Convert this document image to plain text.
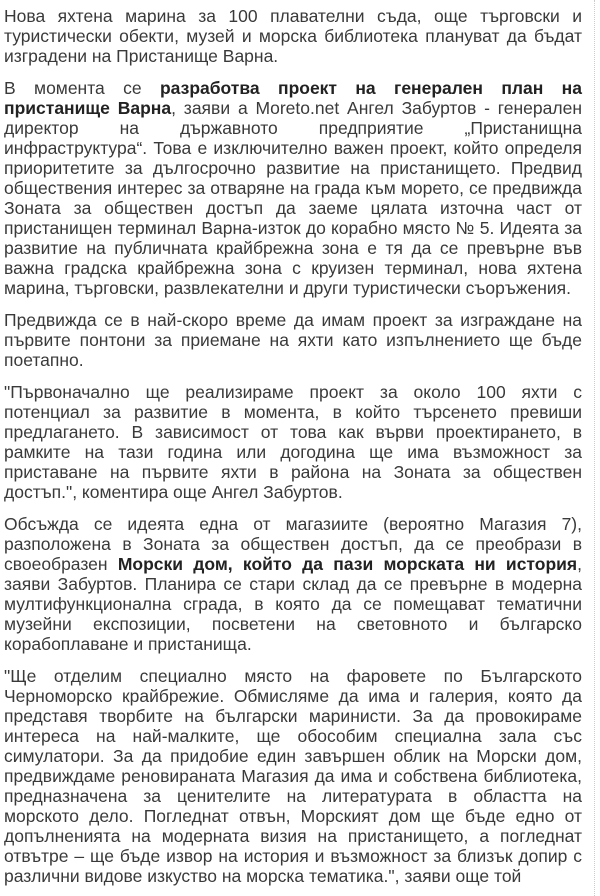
Нова яхтена марина за 100 плавателни съда, още търговски и туристически обекти, музей и морска библиотека плануват да бъдат изградени на Пристанище Варна.

В момента се разработва проект на генерален план на пристанище Варна, заяви а Moreto.net Ангел Забуртов - генерален директор на държавното предприятие „Пристанищна инфраструктура“. Това е изключително важен проект, който определя приоритетите за дългосрочно развитие на пристанището. Предвид обществения интерес за отваряне на града към морето, се предвижда Зоната за обществен достъп да заеме цялата източна част от пристанищен терминал Варна-изток до корабно място № 5. Идеята за развитие на публичната крайбрежна зона е тя да се превърне във важна градска крайбрежна зона с круизен терминал, нова яхтена марина, търговски, развлекателни и други туристически съоръжения.

Предвижда се в най-скоро време да имам проект за изграждане на първите понтони за приемане на яхти като изпълнението ще бъде поетапно.

"Първоначално ще реализираме проект за около 100 яхти с потенциал за развитие в момента, в който търсенето превиши предлагането. В зависимост от това как върви проектирането, в рамките на тази година или догодина ще има възможност за приставане на първите яхти в района на Зоната за обществен достъп.", коментира още Ангел Забуртов.

Обсъжда се идеята една от магазиите (вероятно Магазия 7), разположена в Зоната за обществен достъп, да се преобрази в своеобразен Морски дом, който да пази морската ни история, заяви Забуртов. Планира се стари склад да се превърне в модерна мултифункционална сграда, в която да се помещават тематични музейни експозиции, посветени на световното и българско корабоплаване и пристанища.

"Ще отделим специално място на фаровете по Българското Черноморско крайбрежие. Обмисляме да има и галерия, която да представя творбите на български маринисти. За да провокираме интереса на най-малките, ще обособим специална зала със симулатори. За да придобие един завършен облик на Морски дом, предвиждаме реновираната Магазия да има и собствена библиотека, предназначена за ценителите на литературата в областта на морското дело. Погледнат отвън, Морският дом ще бъде едно от допълненията на модерната визия на пристанището, а погледнат отвътре – ще бъде извор на история и възможност за близък допир с различни видове изкуство на морска тематика.", заяви още той
